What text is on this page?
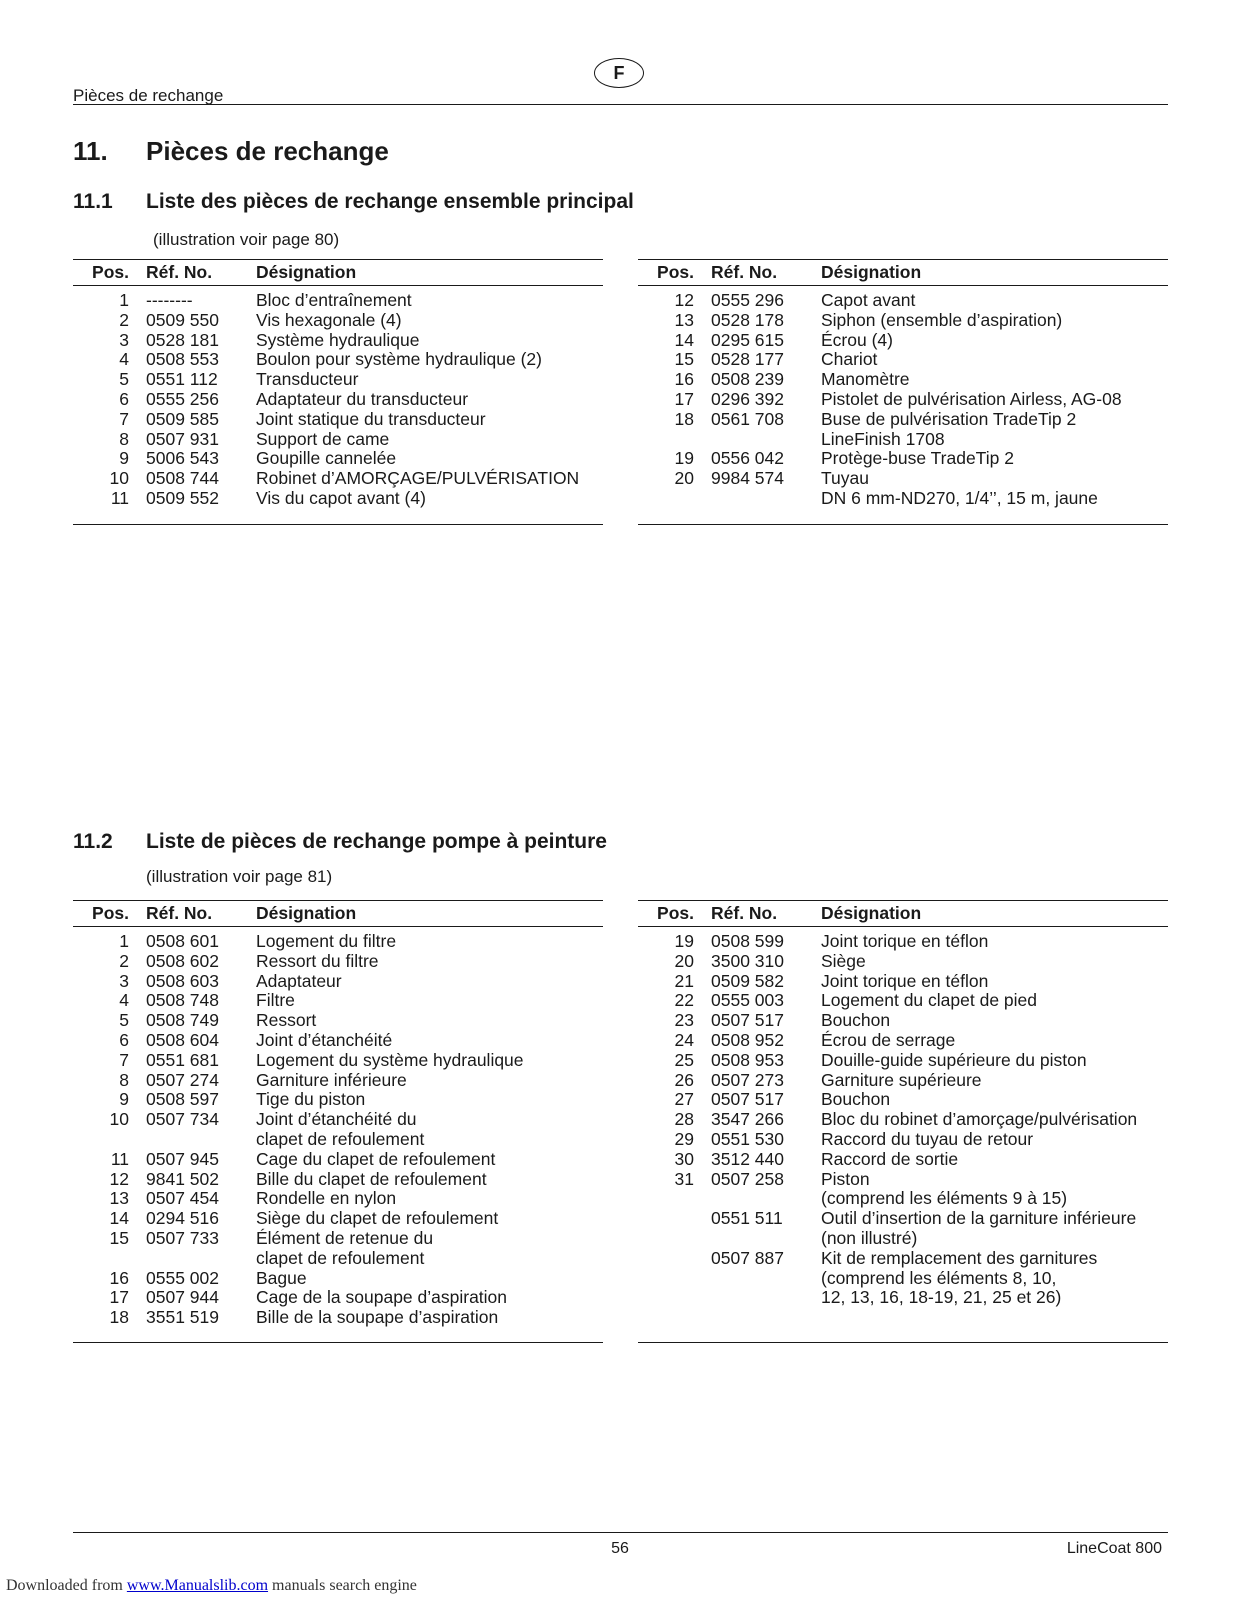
F
Pièces de rechange
11. Pièces de rechange
11.1 Liste des pièces de rechange ensemble principal
(illustration voir page 80)
Pos. Réf. No.	Désignation
1 --------	Bloc d’entraînement
2 0509 550 Vis hexagonale (4)
3 0528 181 Système hydraulique
4 0508 553 Boulon pour système hydraulique (2)
5 0551 112 Transducteur
6 0555 256 Adaptateur du transducteur
7 0509 585 Joint statique du transducteur
8 0507 931 Support de came
9 5006 543 Goupille cannelée
10 0508 744 Robinet d’AMORÇAGE/PULVÉRISATION
11 0509 552 Vis du capot avant (4)
Pos. Réf. No.	Désignation
12 0555 296 Capot avant
13 0528 178 Siphon (ensemble d’aspiration)
14 0295 615 Écrou (4)
15 0528 177 Chariot
16 0508 239 Manomètre
17 0296 392 Pistolet de pulvérisation Airless, AG-08
18 0561 708 Buse de pulvérisation TradeTip 2
LineFinish 1708
19 0556 042 Protège-buse TradeTip 2
20 9984 574 Tuyau
DN 6 mm-ND270, 1/4’’, 15 m, jaune
11.2 Liste de pièces de rechange pompe à peinture
(illustration voir page 81)
Pos. Réf. No.	Désignation
1 0508 601 Logement du filtre
2 0508 602 Ressort du filtre
3 0508 603 Adaptateur
4 0508 748 Filtre
5 0508 749 Ressort
6 0508 604 Joint d’étanchéité
7 0551 681 Logement du système hydraulique
8 0507 274 Garniture inférieure
9 0508 597 Tige du piston
10 0507 734 Joint d’étanchéité du
clapet de refoulement
11 0507 945 Cage du clapet de refoulement
12 9841 502 Bille du clapet de refoulement
13 0507 454 Rondelle en nylon
14 0294 516 Siège du clapet de refoulement
15 0507 733 Élément de retenue du
clapet de refoulement
16 0555 002 Bague
17 0507 944 Cage de la soupape d’aspiration
18 3551 519 Bille de la soupape d’aspiration
Pos. Réf. No.	Désignation
19 0508 599 Joint torique en téflon
20 3500 310 Siège
21 0509 582 Joint torique en téflon
22 0555 003 Logement du clapet de pied
23 0507 517 Bouchon
24 0508 952 Écrou de serrage
25 0508 953 Douille-guide supérieure du piston
26 0507 273 Garniture supérieure
27 0507 517 Bouchon
28 3547 266 Bloc du robinet d’amorçage/pulvérisation
29 0551 530 Raccord du tuyau de retour
30 3512 440 Raccord de sortie
31 0507 258 Piston
(comprend les éléments 9 à 15)
0551 511 Outil d’insertion de la garniture inférieure
(non illustré)
0507 887 Kit de remplacement des garnitures
(comprend les éléments 8, 10,
12, 13, 16, 18-19, 21, 25 et 26)
56	LineCoat 800
Downloaded from www.Manualslib.com manuals search engine
